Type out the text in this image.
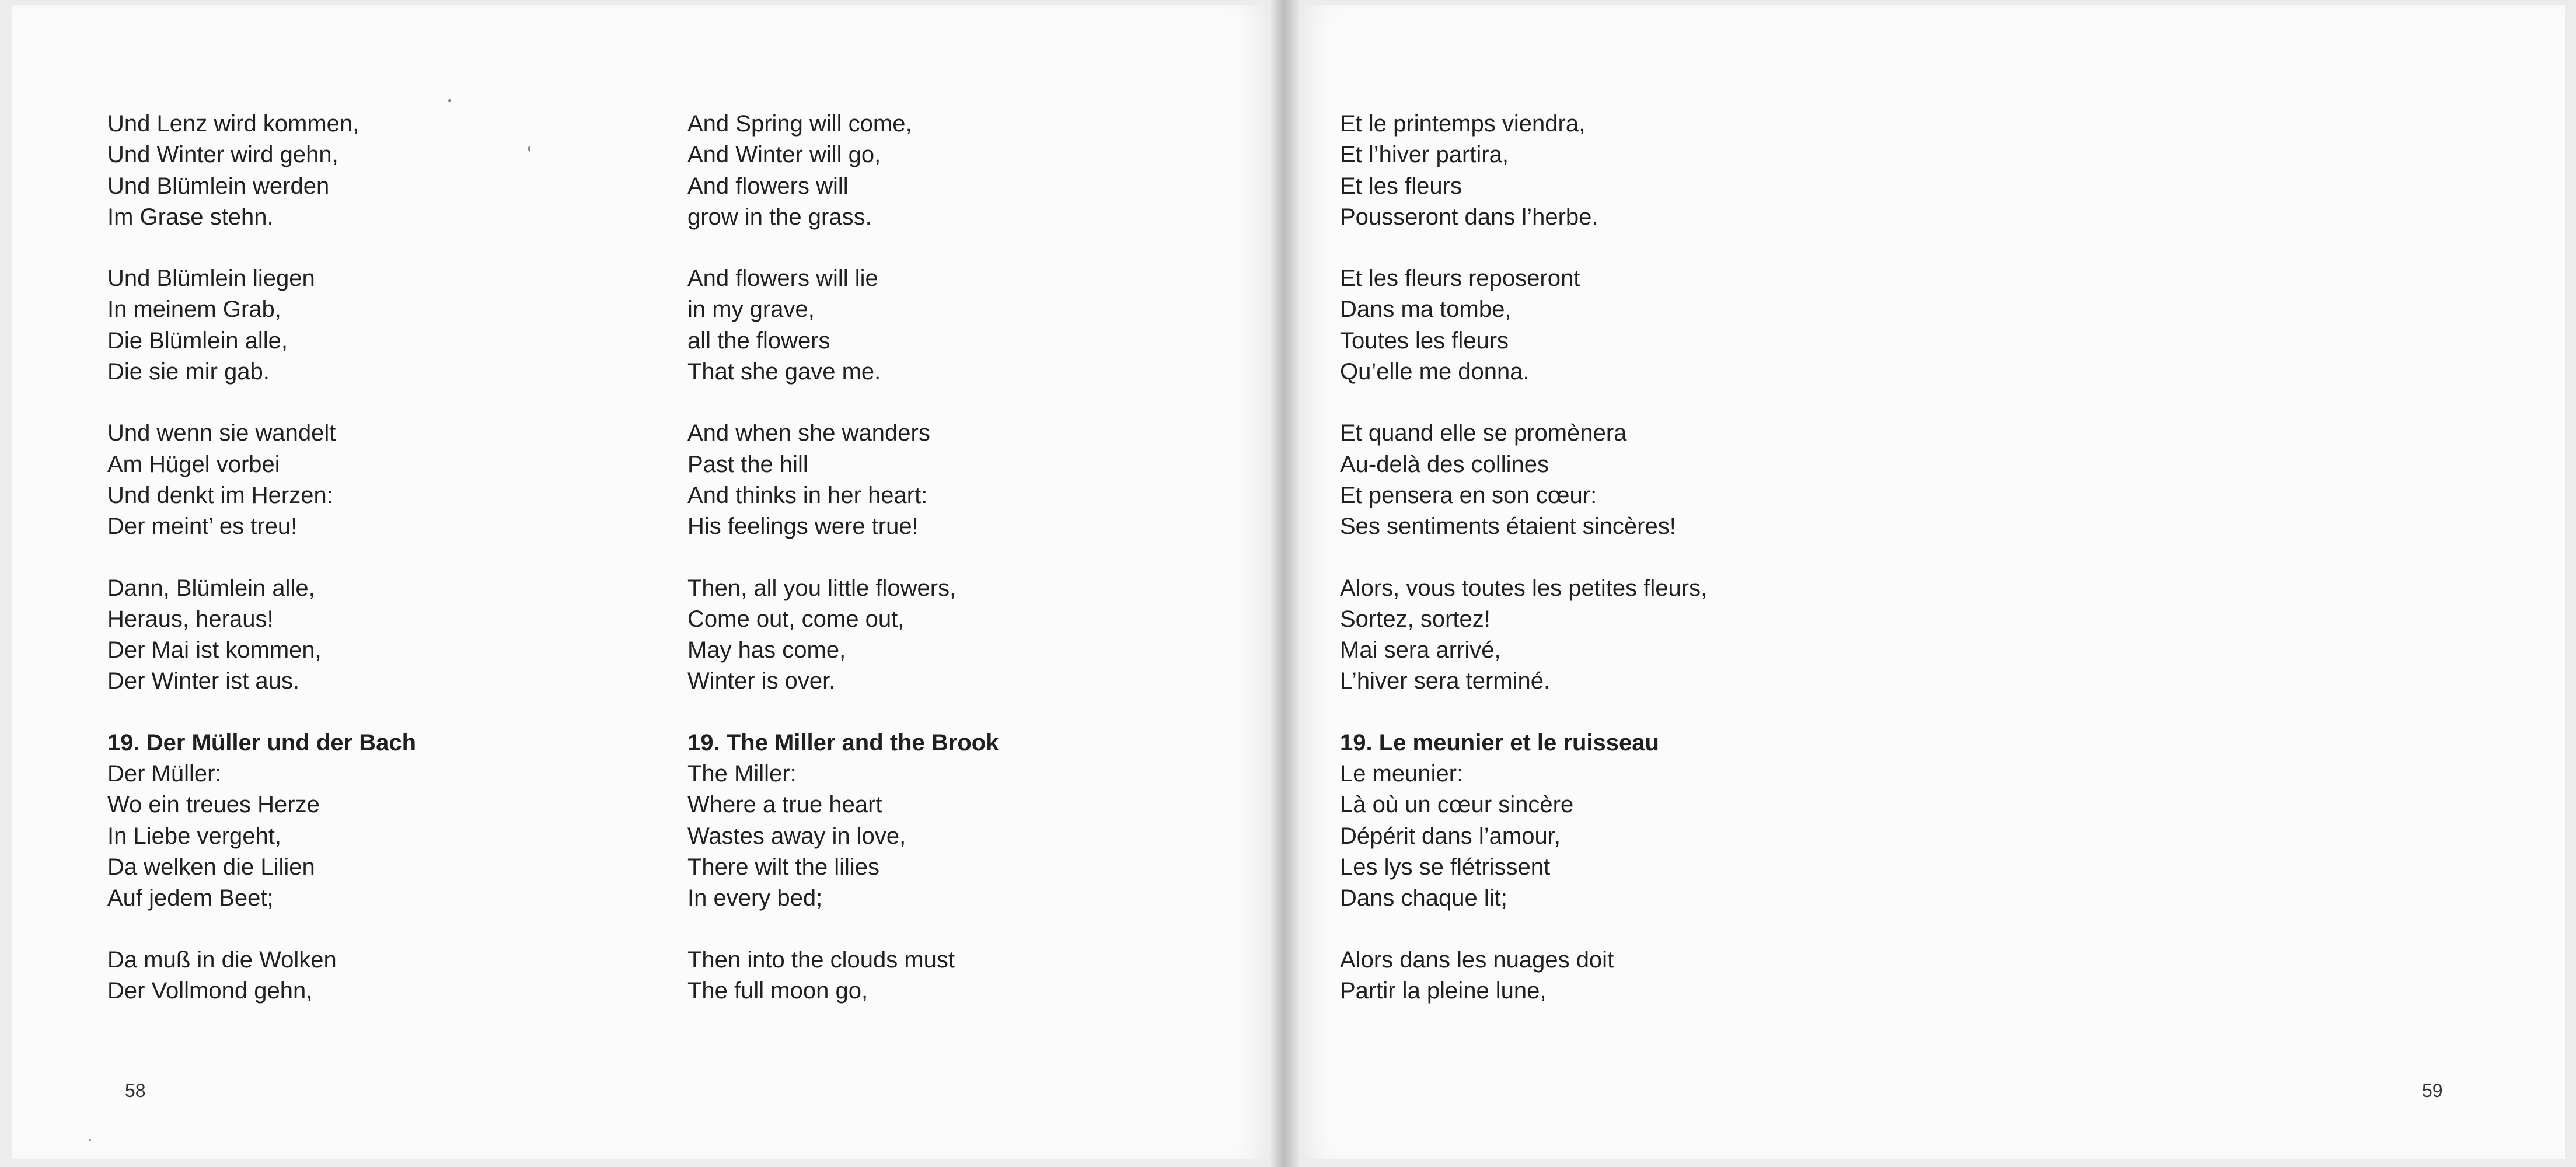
Und Lenz wird kommen,
Und Winter wird gehn,
Und Blümlein werden
Im Grase stehn.
Und Blümlein liegen
In meinem Grab,
Die Blümlein alle,
Die sie mir gab.
Und wenn sie wandelt
Am Hügel vorbei
Und denkt im Herzen:
Der meint’ es treu!
Dann, Blümlein alle,
Heraus, heraus!
Der Mai ist kommen,
Der Winter ist aus.
19. Der Müller und der Bach
Der Müller:
Wo ein treues Herze
In Liebe vergeht,
Da welken die Lilien
Auf jedem Beet;
Da muß in die Wolken
Der Vollmond gehn,
And Spring will come,
And Winter will go,
And flowers will
grow in the grass.
And flowers will lie
in my grave,
all the flowers
That she gave me.
And when she wanders
Past the hill
And thinks in her heart:
His feelings were true!
Then, all you little flowers,
Come out, come out,
May has come,
Winter is over.
19. The Miller and the Brook
The Miller:
Where a true heart
Wastes away in love,
There wilt the lilies
In every bed;
Then into the clouds must
The full moon go,
58
Et le printemps viendra,
Et l’hiver partira,
Et les fleurs
Pousseront dans l’herbe.
Et les fleurs reposeront
Dans ma tombe,
Toutes les fleurs
Qu’elle me donna.
Et quand elle se promènera
Au-delà des collines
Et pensera en son cœur:
Ses sentiments étaient sincères!
Alors, vous toutes les petites fleurs,
Sortez, sortez!
Mai sera arrivé,
L’hiver sera terminé.
19. Le meunier et le ruisseau
Le meunier:
Là où un cœur sincère
Dépérit dans l’amour,
Les lys se flétrissent
Dans chaque lit;
Alors dans les nuages doit
Partir la pleine lune,
59
